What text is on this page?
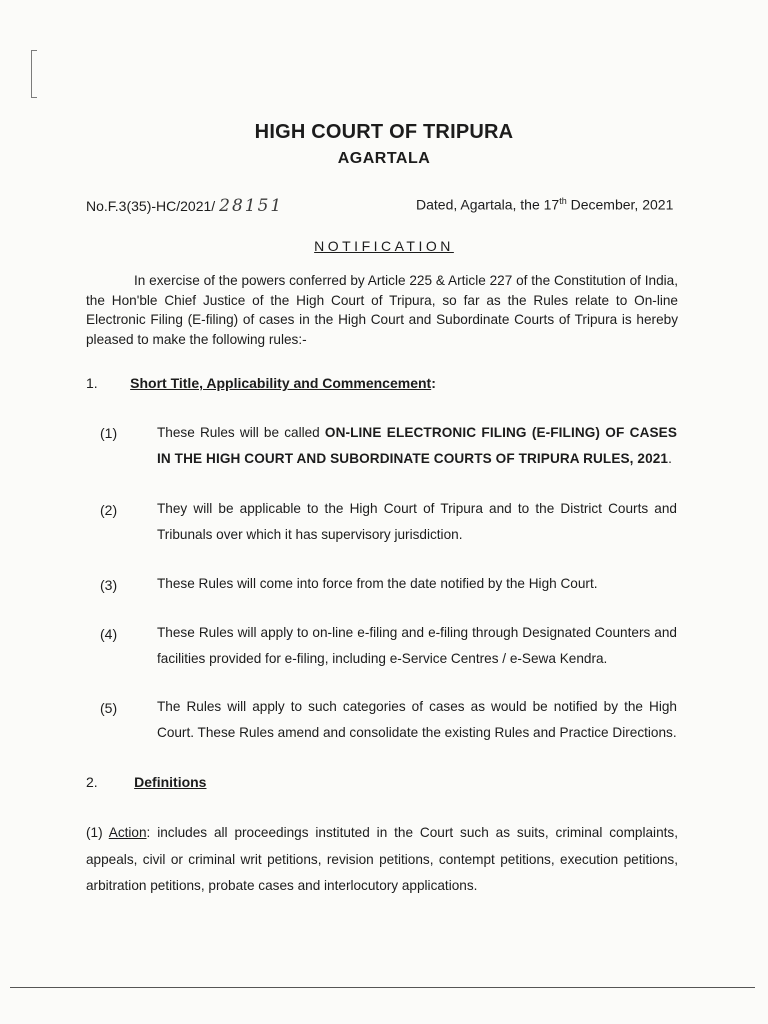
HIGH COURT OF TRIPURA
AGARTALA
No.F.3(35)-HC/2021/ 28151	Dated, Agartala, the 17th December, 2021
NOTIFICATION
In exercise of the powers conferred by Article 225 & Article 227 of the Constitution of India, the Hon'ble Chief Justice of the High Court of Tripura, so far as the Rules relate to On-line Electronic Filing (E-filing) of cases in the High Court and Subordinate Courts of Tripura is hereby pleased to make the following rules:-
1. Short Title, Applicability and Commencement:
(1)	These Rules will be called ON-LINE ELECTRONIC FILING (E-FILING) OF CASES IN THE HIGH COURT AND SUBORDINATE COURTS OF TRIPURA RULES, 2021.
(2)	They will be applicable to the High Court of Tripura and to the District Courts and Tribunals over which it has supervisory jurisdiction.
(3)	These Rules will come into force from the date notified by the High Court.
(4)	These Rules will apply to on-line e-filing and e-filing through Designated Counters and facilities provided for e-filing, including e-Service Centres / e-Sewa Kendra.
(5)	The Rules will apply to such categories of cases as would be notified by the High Court. These Rules amend and consolidate the existing Rules and Practice Directions.
2.	Definitions
(1) Action: includes all proceedings instituted in the Court such as suits, criminal complaints, appeals, civil or criminal writ petitions, revision petitions, contempt petitions, execution petitions, arbitration petitions, probate cases and interlocutory applications.
